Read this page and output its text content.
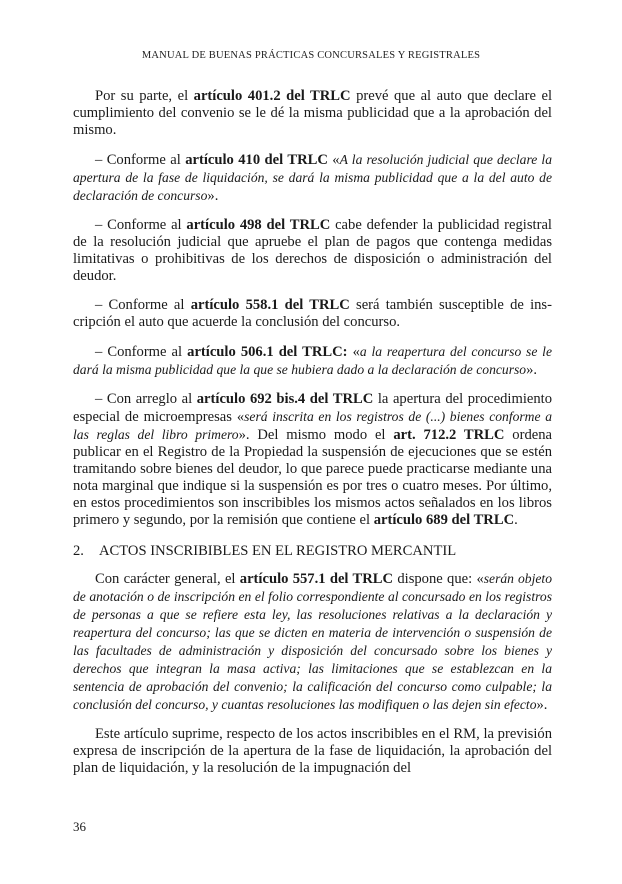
MANUAL DE BUENAS PRÁCTICAS CONCURSALES Y REGISTRALES

Por su parte, el artículo 401.2 del TRLC prevé que al auto que declare el cumplimiento del convenio se le dé la misma publicidad que a la aprobación del mismo.

– Conforme al artículo 410 del TRLC «A la resolución judicial que declare la apertura de la fase de liquidación, se dará la misma publicidad que a la del auto de declaración de concurso».

– Conforme al artículo 498 del TRLC cabe defender la publicidad registral de la resolución judicial que apruebe el plan de pagos que contenga medidas limitativas o prohibitivas de los derechos de disposición o administración del deudor.

– Conforme al artículo 558.1 del TRLC será también susceptible de inscripción el auto que acuerde la conclusión del concurso.

– Conforme al artículo 506.1 del TRLC: «a la reapertura del concurso se le dará la misma publicidad que la que se hubiera dado a la declaración de concurso».

– Con arreglo al artículo 692 bis.4 del TRLC la apertura del procedimiento especial de microempresas «será inscrita en los registros de (...) bienes conforme a las reglas del libro primero». Del mismo modo el art. 712.2 TRLC ordena publicar en el Registro de la Propiedad la suspensión de ejecuciones que se estén tramitando sobre bienes del deudor, lo que parece puede practicarse mediante una nota marginal que indique si la suspensión es por tres o cuatro meses. Por último, en estos procedimientos son inscribibles los mismos actos señalados en los libros primero y segundo, por la remisión que contiene el artículo 689 del TRLC.

2. ACTOS INSCRIBIBLES EN EL REGISTRO MERCANTIL

Con carácter general, el artículo 557.1 del TRLC dispone que: «serán objeto de anotación o de inscripción en el folio correspondiente al concursado en los registros de personas a que se refiere esta ley, las resoluciones relativas a la declaración y reapertura del concurso; las que se dicten en materia de intervención o suspensión de las facultades de administración y disposición del concursado sobre los bienes y derechos que integran la masa activa; las limitaciones que se establezcan en la sentencia de aprobación del convenio; la calificación del concurso como culpable; la conclusión del concurso, y cuantas resoluciones las modifiquen o las dejen sin efecto».

Este artículo suprime, respecto de los actos inscribibles en el RM, la previsión expresa de inscripción de la apertura de la fase de liquidación, la aprobación del plan de liquidación, y la resolución de la impugnación del

36
